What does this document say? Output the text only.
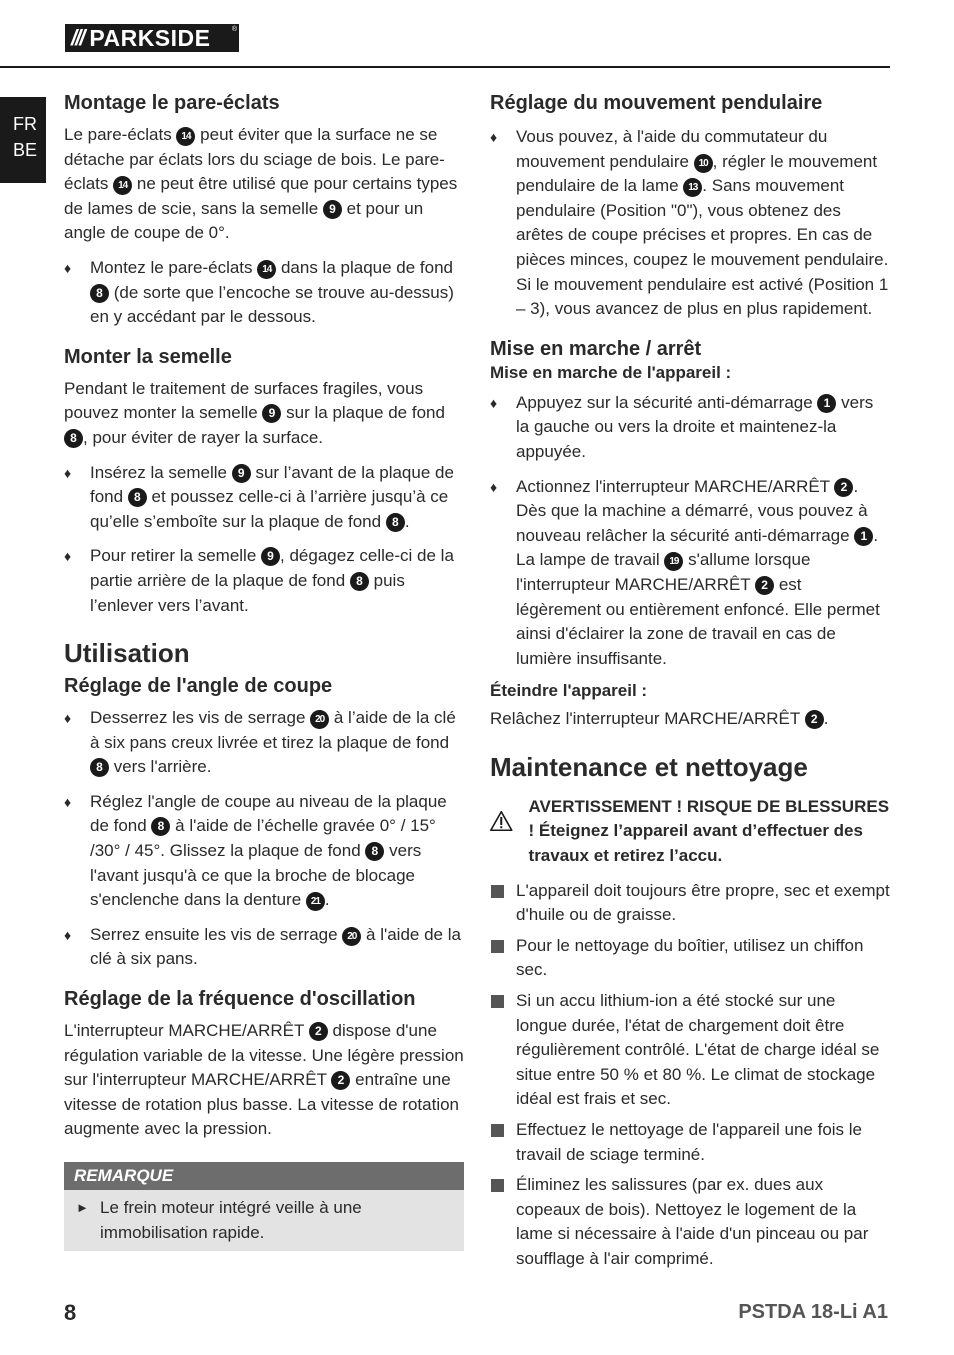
/// PARKSIDE	®
FR
BE
Montage le pare-éclats

Le pare-éclats 14 peut éviter que la surface ne se détache par éclats lors du sciage de bois. Le pare-éclats 14 ne peut être utilisé que pour certains types de lames de scie, sans la semelle 9 et pour un angle de coupe de 0°.

♦ Montez le pare-éclats 14 dans la plaque de fond 8 (de sorte que l’encoche se trouve au-dessus) en y accédant par le dessous.
Monter la semelle

Pendant le traitement de surfaces fragiles, vous pouvez monter la semelle 9 sur la plaque de fond 8 , pour éviter de rayer la surface.

♦ Insérez la semelle 9 sur l’avant de la plaque de fond 8 et poussez celle-ci à l’arrière jusqu’à ce qu’elle s’emboîte sur la plaque de fond 8 .
♦ Pour retirer la semelle 9 , dégagez celle-ci de la partie arrière de la plaque de fond 8 puis l’enlever vers l’avant.
Utilisation
Réglage de l'angle de coupe
♦ Desserrez les vis de serrage 20 à l’aide de la clé à six pans creux livrée et tirez la plaque de fond 8 vers l'arrière.
♦ Réglez l'angle de coupe au niveau de la plaque de fond 8 à l'aide de l’échelle gravée 0° / 15° /30° / 45°. Glissez la plaque de fond 8 vers l'avant jusqu'à ce que la broche de blocage s'enclenche dans la denture 21 .
♦ Serrez ensuite les vis de serrage 20 à l'aide de la clé à six pans.
Réglage de la fréquence d'oscillation

L'interrupteur MARCHE/ARRÊT 2 dispose d'une régulation variable de la vitesse. Une légère pression sur l'interrupteur MARCHE/ARRÊT 2 entraîne une vitesse de rotation plus basse. La vitesse de rotation augmente avec la pression.

REMARQUE
► Le frein moteur intégré veille à une immobilisation rapide.
Réglage du mouvement pendulaire
♦ Vous pouvez, à l'aide du commutateur du mouvement pendulaire 10 , régler le mouvement pendulaire de la lame 13 . Sans mouvement pendulaire (Position "0"), vous obtenez des arêtes de coupe précises et propres. En cas de pièces minces, coupez le mouvement pendulaire. Si le mouvement pendulaire est activé (Position 1 – 3), vous avancez de plus en plus rapidement.
Mise en marche / arrêt
Mise en marche de l'appareil :
♦ Appuyez sur la sécurité anti-démarrage 1 vers la gauche ou vers la droite et maintenez-la appuyée.
♦ Actionnez l'interrupteur MARCHE/ARRÊT 2 . Dès que la machine a démarré, vous pouvez à nouveau relâcher la sécurité anti-démarrage 1 . La lampe de travail 19 s'allume lorsque l'interrupteur MARCHE/ARRÊT 2 est légèrement ou entièrement enfoncé. Elle permet ainsi d'éclairer la zone de travail en cas de lumière insuffisante.
Éteindre l'appareil :

Relâchez l'interrupteur MARCHE/ARRÊT 2 .

Maintenance et nettoyage
AVERTISSEMENT ! RISQUE DE BLESSURES ! Éteignez l’appareil avant d’effectuer des travaux et retirez l’accu.
L'appareil doit toujours être propre, sec et exempt d'huile ou de graisse.
Pour le nettoyage du boîtier, utilisez un chiffon sec.
Si un accu lithium-ion a été stocké sur une longue durée, l'état de chargement doit être régulièrement contrôlé. L'état de charge idéal se situe entre 50 % et 80 %. Le climat de stockage idéal est frais et sec.
Effectuez le nettoyage de l'appareil une fois le travail de sciage terminé.
Éliminez les salissures (par ex. dues aux copeaux de bois). Nettoyez le logement de la lame si nécessaire à l'aide d'un pinceau ou par soufflage à l'air comprimé.
8	PSTDA 18-Li A1
